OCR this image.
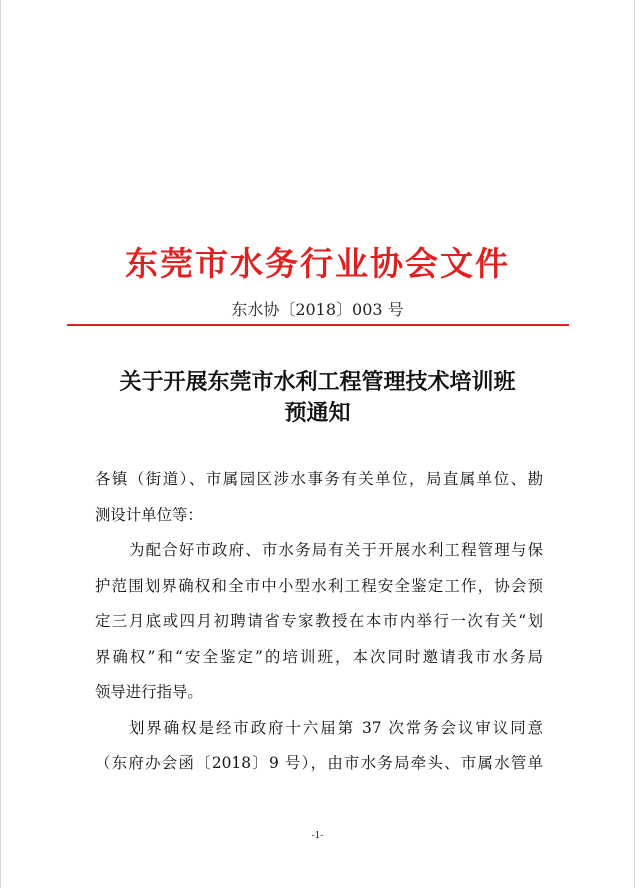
东莞市水务行业协会文件
东水协〔2018〕003 号
关于开展东莞市水利工程管理技术培训班
预通知
各镇（街道）、市属园区涉水事务有关单位，局直属单位、勘
测设计单位等：
为配合好市政府、市水务局有关于开展水利工程管理与保
护范围划界确权和全市中小型水利工程安全鉴定工作，协会预
定三月底或四月初聘请省专家教授在本市内举行一次有关“划
界确权”和“安全鉴定”的培训班，本次同时邀请我市水务局
领导进行指导。
划界确权是经市政府十六届第 37 次常务会议审议同意
（东府办会函〔2018〕9 号），由市水务局牵头、市属水管单
-1-
